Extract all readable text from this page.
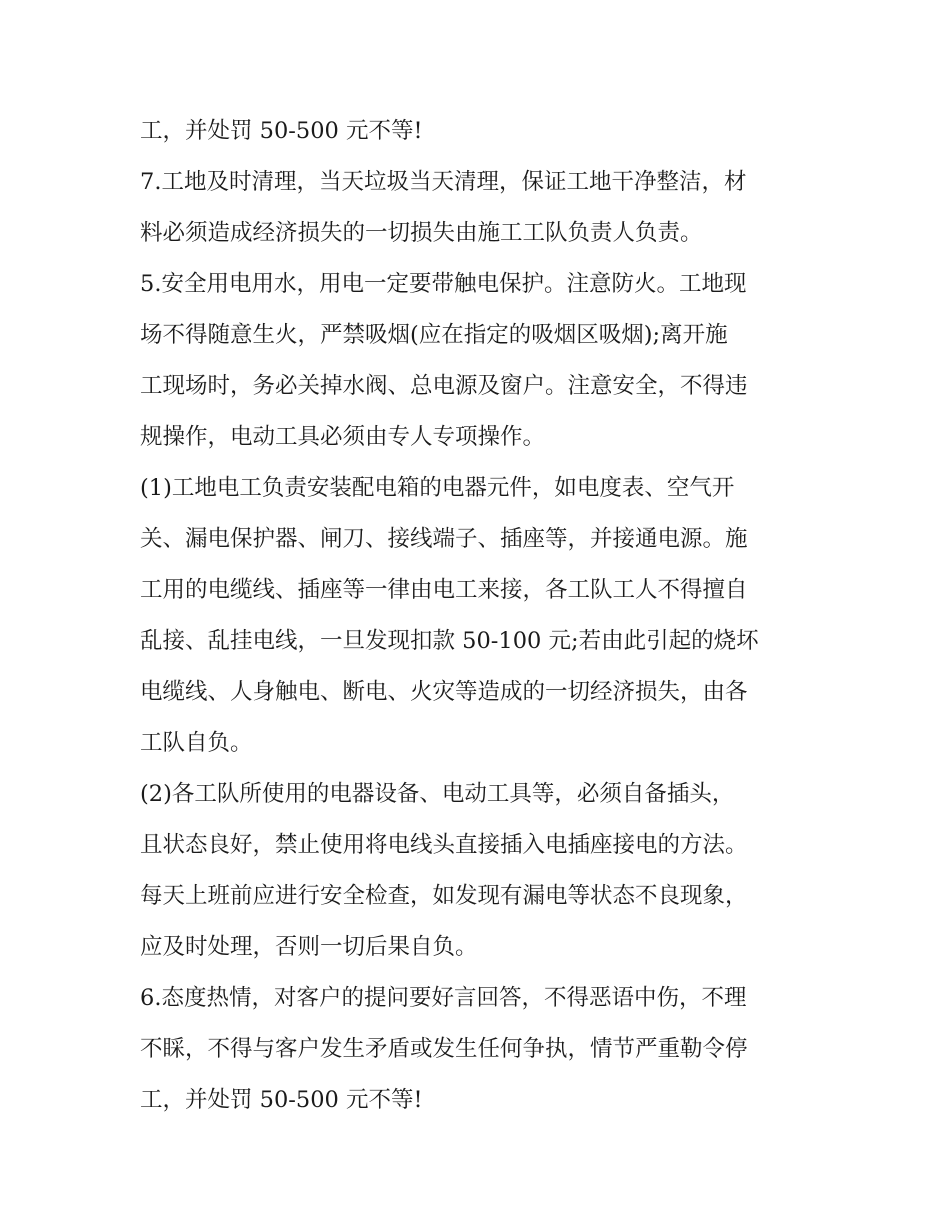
工，并处罚 50-500 元不等!
7.工地及时清理，当天垃圾当天清理，保证工地干净整洁，材
料必须造成经济损失的一切损失由施工工队负责人负责。
5.安全用电用水，用电一定要带触电保护。注意防火。工地现
场不得随意生火，严禁吸烟(应在指定的吸烟区吸烟);离开施
工现场时，务必关掉水阀、总电源及窗户。注意安全，不得违
规操作，电动工具必须由专人专项操作。
(1)工地电工负责安装配电箱的电器元件，如电度表、空气开
关、漏电保护器、闸刀、接线端子、插座等，并接通电源。施
工用的电缆线、插座等一律由电工来接，各工队工人不得擅自
乱接、乱挂电线，一旦发现扣款 50-100 元;若由此引起的烧坏
电缆线、人身触电、断电、火灾等造成的一切经济损失，由各
工队自负。
(2)各工队所使用的电器设备、电动工具等，必须自备插头，
且状态良好，禁止使用将电线头直接插入电插座接电的方法。
每天上班前应进行安全检查，如发现有漏电等状态不良现象，
应及时处理，否则一切后果自负。
6.态度热情，对客户的提问要好言回答，不得恶语中伤，不理
不睬，不得与客户发生矛盾或发生任何争执，情节严重勒令停
工，并处罚 50-500 元不等!
